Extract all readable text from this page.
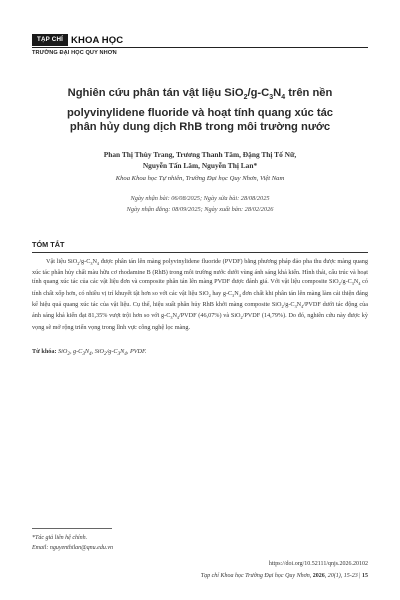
TẠP CHÍ KHOA HỌC
TRƯỜNG ĐẠI HỌC QUY NHƠN
Nghiên cứu phân tán vật liệu $SiO_2/g-C_3N_4$ trên nền
polyvinylidene fluoride và hoạt tính quang xúc tác
phân hủy dung dịch RhB trong môi trường nước
Phan Thị Thùy Trang, Trương Thanh Tâm, Đặng Thị Tố Nữ,
Nguyễn Tấn Lâm, Nguyễn Thị Lan*
Khoa Khoa học Tự nhiên, Trường Đại học Quy Nhơn, Việt Nam
Ngày nhận bài: 06/08/2025; Ngày sửa bài: 28/08/2025
Ngày nhận đăng: 08/09/2025; Ngày xuất bản: 28/02/2026
TÓM TẮT
Vật liệu $SiO_2/g-C_3N_4$ được phân tán lên màng polyvinylidene fluoride (PVDF) bằng phương pháp đảo pha thu được màng quang xúc tác phân hủy chất màu hữu cơ rhodamine B (RhB) trong môi trường nước dưới vùng ánh sáng khả kiến. Hình thái, cấu trúc và hoạt tính quang xúc tác của các vật liệu đơn và composite phân tán lên màng PVDF được đánh giá. Với vật liệu composite $SiO_2/g-C_3N_4$ có tính chất xốp hơn, có nhiều vị trí khuyết tật hơn so với các vật liệu SiO$_2$ hay $g-C_3N_4$ đơn chất khi phân tán lên màng làm cải thiện đáng kể hiệu quả quang xúc tác của vật liệu. Cụ thể, hiệu suất phân hủy RhB khởi màng composite $SiO_2/g-C_3N_4$/PVDF dưới tác động của ánh sáng khả kiến đạt 81,35% vượt trội hơn so với $g-C_3N_4$/PVDF (46,07%) và SiO$_2$/PVDF (14,79%). Do đó, nghiên cứu này được kỳ vọng sẽ mở rộng triển vọng trong lĩnh vực công nghệ lọc màng.
Từ khóa: SiO$_2$, $g-C_3N_4$, $SiO_2/g-C_3N_4$, PVDF.
*Tác giả liên hệ chính.
Email: nguyenthilan@qnu.edu.vn
https://doi.org/10.52111/qnjs.2026.20102
Tạp chí Khoa học Trường Đại học Quy Nhơn, 2026, 20(1), 15-23 | 15
